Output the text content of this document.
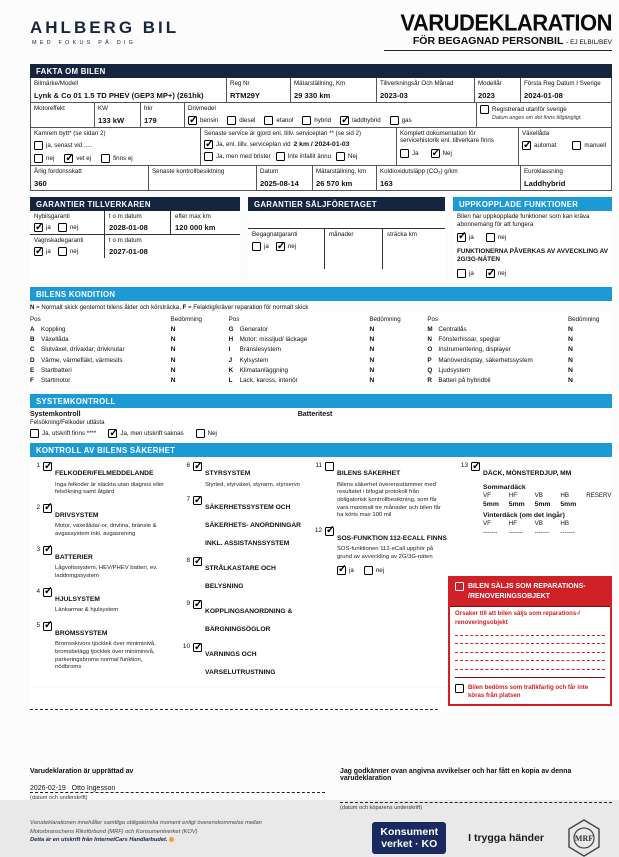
AHLBERG BIL
MED FOKUS PÅ DIG
VARUDEKLARATION
FÖR BEGAGNAD PERSONBIL - EJ ELBIL/BEV
FAKTA OM BILEN
Bilmärke/Modell
Lynk & Co 01 1.5 TD PHEV (GEP3 MP+) (261hk)
Reg Nr
RTM29Y
Mätarställning, Km
29 330 km
Tillverkningsår Och Månad
2023-03
Modellår
2023
Första Reg Datum I Sverige
2024-01-08
Motoreffekt	KW
133 kW
hkr
179
Drivmedel
✓
bensin	diesel	etanol	hybrid ✓	laddhybrid	gas
Registrerad utanför sverige
Datum anges om det finns tillgängligt.
Kamrem bytt* (se sidan 2)
ja, senast vid .....
nej ✓	vet ej	finns ej
Senaste service är gjord enl. tillv. serviceplan ** (se sid 2)
✓
Ja, enl. tillv. serviceplan vid 2 km / 2024-01-03
Ja, men med brister	Inte infallit ännu	Nej
Komplett dokumentation för servicehistorik enl. tillverkare finns
Ja ✓	Nej
Växellåda
✓
automat	manuell
Årlig fordonsskatt
360
Senaste kontrollbesiktning	Datum
2025-08-14
Mätarställning, km
26 570 km
Koldioxidutsläpp (CO₂) g/km
163
Euroklassning
Laddhybrid
GARANTIER TILLVERKAREN
Nybilsgaranti
✓
ja	nej
t o m datum
2028-01-08
efter max km
120 000 km
Vagnskadegaranti
✓
ja	nej
t o m datum
2027-01-08
GARANTIER SÄLJFÖRETAGET
Begagnatgaranti
ja ✓	nej
månader	sträcka km
UPPKOPPLADE FUNKTIONER
Bilen har uppkopplade funktioner som kan kräva abonnemang för att fungera
✓
ja	nej
FUNKTIONERNA PÅVERKAS AV AVVECKLING AV 2G/3G-NÄTEN
ja ✓	nej
BILENS KONDITION
N = Normalt skick gentemot bilens ålder och körsträcka, F = Felaktig/kräver reparation för normalt skick
Pos	Bedömning
A	Koppling	N
B	Växellåda	N
C	Slutväxel, drivaxlar, drivknutar	N
D	Värme, värmefläkt, värmesits	N
E	Startbatteri	N
F	Startmotor	N
Pos	Bedömning
G Generator	N
H	Motor: missljud/ läckage	N
I	Bränslesystem	N
J	Kylsystem	N
K	Klimatanläggning	N
L	Lack, kaross, interiör	N
Pos	Bedömning
M Centrallås	N
N	Fönsterhissar, speglar	N
O Instrumentering, displayer	N
P	Manöverdisplay, säkerhetssystem	N
Q Ljudsystem	N
R	Batteri på hybridbil	N
SYSTEMKONTROLL
Systemkontroll
Felsökning/Felkoder utlästa
Ja, utskrift finns **** ✓	Ja, men utskrift saknas	Nej
Batteritest
KONTROLL AV BILENS SÄKERHET
1
✓
FELKODER/FELMEDDELANDE
Inga felkoder är släckta utan diagnos eller felsökning samt åtgärd
2
✓
DRIVSYSTEM
Motor, växellåda/-or, drivlina, bränsle & avgassystem inkl. avgasrening
3
✓
BATTERIER
Lågvoltssystem, HEV/PHEV batteri, ev. laddningssystem
4
✓
HJULSYSTEM
Länkarmar & hjulsystem
5
✓
BROMSSYSTEM
Bromsskivors tjocklek över miniminivå, bromsbelägg tjocklek över miniminivå, parkeringsbroms normal funktion, nödbroms
6
✓
STYRSYSTEM
Styrled, styrväxel, styrarm, styrservo
7
✓
SÄKERHETSSYSTEM OCH SÄKERHETS- ANORDNINGAR INKL. ASSISTANSSYSTEM
8
✓
STRÅLKASTARE OCH BELYSNING
9
✓
KOPPLINGSANORDNING & BÄRGNINGSÖGLOR
10
✓
VARNINGS OCH VARSELUTRUSTNING
11
BILENS SÄKERHET
Bilens säkerhet överensstämmer med resultatet i bifogat protokoll från obligatorisk kontrollbesiktning, som får vara maximalt tre månader och bilen får ha körts max 100 mil
12
✓
SOS-FUNKTION 112-ECALL FINNS
SOS-funktionen 112-eCall upphör på grund av avveckling av 2G/3G-näten
✓
ja	nej
13
✓
DÄCK, MÖNSTERDJUP, MM
Sommardäck
VF	HF	VB	HB	RESERV
5mm	5mm	5mm	5mm
Vinterdäck (om det ingår)
VF	HF	VB	HB
-------	-------	-------	-------
NOTERINGAR OM ÖVRIGA KÄNDA AVVIKELSER
BILEN SÄLJS SOM REPARATIONS- /RENOVERINGSOBJEKT
Orsaker till att bilen säljs som reparations-/ renoveringsobjekt
Bilen bedöms som trafikfarlig och får inte köras från platsen
Varudeklaration är upprättad av
2026-02-19   Otto Ingesson
(datum och underskrift)
Jag godkänner ovan angivna avvikelser och har fått en kopia av denna varudeklaration
(datum och köparens underskrift)
Varudeklarationen innehåller samtliga obligatoriska moment enligt överenskommelse mellan
Motorbranschens Riksförbund (MRF) och Konsumentverket (KOV)
Detta är en utskrift från InternetCars Handlarbudet.
Konsument
verket · KO	I trygga händer	MRF
